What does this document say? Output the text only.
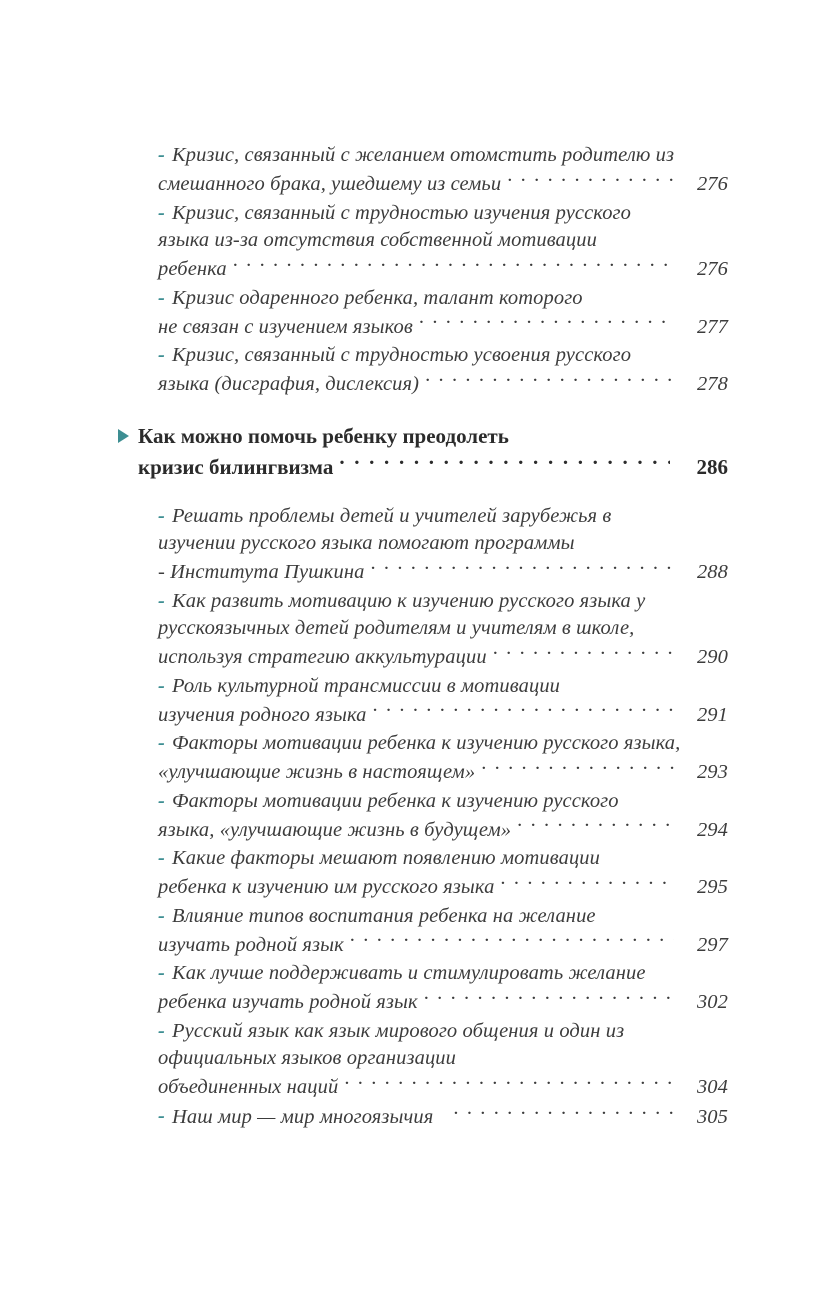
- Кризис, связанный с желанием отомстить родителю из
смешанного брака, ушедшему из семьи . . .	276
- Кризис, связанный с трудностью изучения русского
языка из-за отсутствия собственной мотивации
ребенка . . .	276
- Кризис одаренного ребенка, талант которого
не связан с изучением языков . . .	277
- Кризис, связанный с трудностью усвоения русского
языка (дисграфия, дислексия) . . .	278
Как можно помочь ребенку преодолеть
кризис билингвизма . . .	286
- Решать проблемы детей и учителей зарубежья в
изучении русского языка помогают программы
- Института Пушкина . . .	288
- Как развить мотивацию к изучению русского языка у
русскоязычных детей родителям и учителям в школе,
используя стратегию аккультурации . . .	290
- Роль культурной трансмиссии в мотивации
изучения родного языка . . .	291
- Факторы мотивации ребенка к изучению русского языка,
«улучшающие жизнь в настоящем» . . .	293
- Факторы мотивации ребенка к изучению русского
языка, «улучшающие жизнь в будущем» . . .	294
- Какие факторы мешают появлению мотивации
ребенка к изучению им русского языка . . .	295
- Влияние типов воспитания ребенка на желание
изучать родной язык . . .	297
- Как лучше поддерживать и стимулировать желание
ребенка изучать родной язык . . .	302
- Русский язык как язык мирового общения и один из
официальных языков организации
объединенных наций . . .	304
- Наш мир — мир многоязычия . . .	305
